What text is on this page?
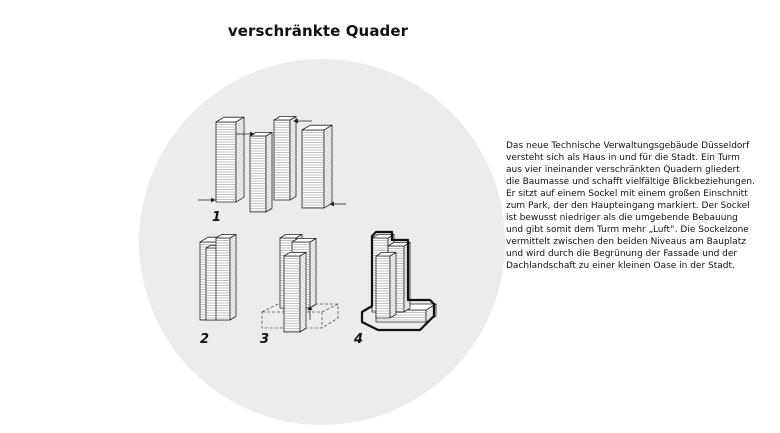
verschränkte Quader
1
2	3	4
Das neue Technische Verwaltungsgebäude Düsseldorf
versteht sich als Haus in und für die Stadt. Ein Turm
aus vier ineinander verschränkten Quadern gliedert
die Baumasse und schafft vielfältige Blickbeziehungen.
Er sitzt auf einem Sockel mit einem großen Einschnitt
zum Park, der den Haupteingang markiert. Der Sockel
ist bewusst niedriger als die umgebende Bebauung
und gibt somit dem Turm mehr „Luft“. Die Sockelzone
vermittelt zwischen den beiden Niveaus am Bauplatz
und wird durch die Begrünung der Fassade und der
Dachlandschaft zu einer kleinen Oase in der Stadt.
